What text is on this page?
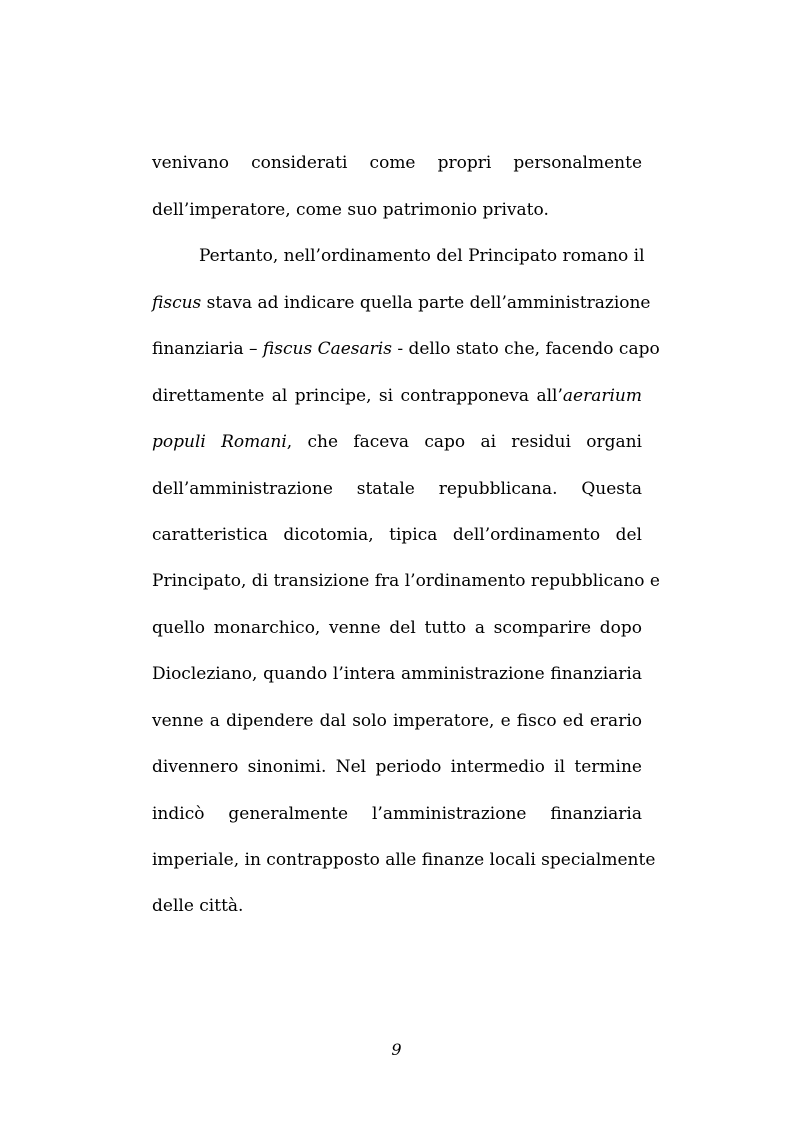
venivano considerati come propri personalmente
dell’imperatore, come suo patrimonio privato.
Pertanto, nell’ordinamento del Principato romano il
fiscus stava ad indicare quella parte dell’amministrazione
finanziaria – fiscus Caesaris - dello stato che, facendo capo
direttamente al principe, si contrapponeva all’aerarium
populi Romani, che faceva capo ai residui organi
dell’amministrazione statale repubblicana. Questa
caratteristica dicotomia, tipica dell’ordinamento del
Principato, di transizione fra l’ordinamento repubblicano e
quello monarchico, venne del tutto a scomparire dopo
Diocleziano, quando l’intera amministrazione finanziaria
venne a dipendere dal solo imperatore, e fisco ed erario
divennero sinonimi. Nel periodo intermedio il termine
indicò generalmente l’amministrazione finanziaria
imperiale, in contrapposto alle finanze locali specialmente
delle città.
9
